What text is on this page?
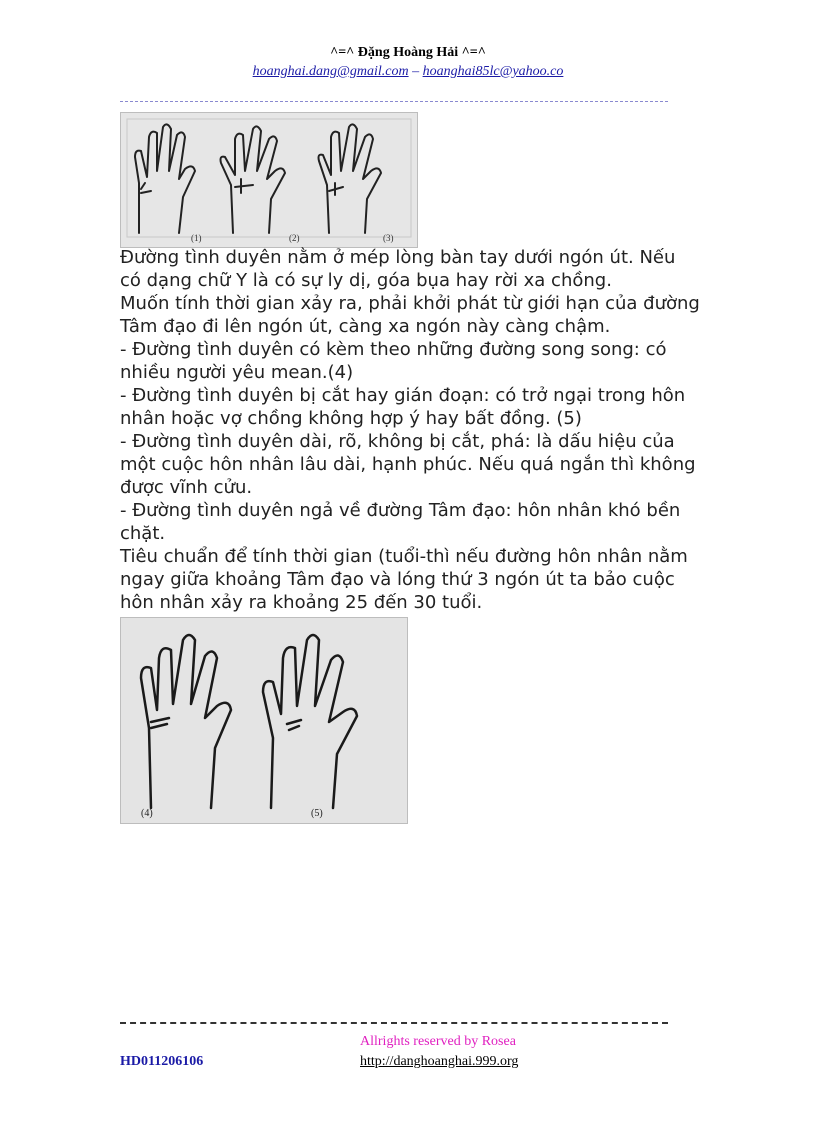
^=^ Đặng Hoàng Hải ^=^
hoanghai.dang@gmail.com – hoanghai85lc@yahoo.co
(1)	(2)	(3)

Đường tình duyên nằm ở mép lòng bàn tay dưới ngón út. Nếu có dạng chữ Y là có sự ly dị, góa bụa hay rời xa chồng.

Muốn tính thời gian xảy ra, phải khởi phát từ giới hạn của đường Tâm đạo đi lên ngón út, càng xa ngón này càng chậm.

- Đường tình duyên có kèm theo những đường song song: có nhiều người yêu mean.(4)

- Đường tình duyên bị cắt hay gián đoạn: có trở ngại trong hôn nhân hoặc vợ chồng không hợp ý hay bất đồng. (5)

- Đường tình duyên dài, rõ, không bị cắt, phá: là dấu hiệu của một cuộc hôn nhân lâu dài, hạnh phúc. Nếu quá ngắn thì không được vĩnh cửu.

- Đường tình duyên ngả về đường Tâm đạo: hôn nhân khó bền chặt.

Tiêu chuẩn để tính thời gian (tuổi-thì nếu đường hôn nhân nằm ngay giữa khoảng Tâm đạo và lóng thứ 3 ngón út ta bảo cuộc hôn nhân xảy ra khoảng 25 đến 30 tuổi.

(4)	(5)
Allrights reserved by Rosea
HD011206106	http://danghoanghai.999.org
